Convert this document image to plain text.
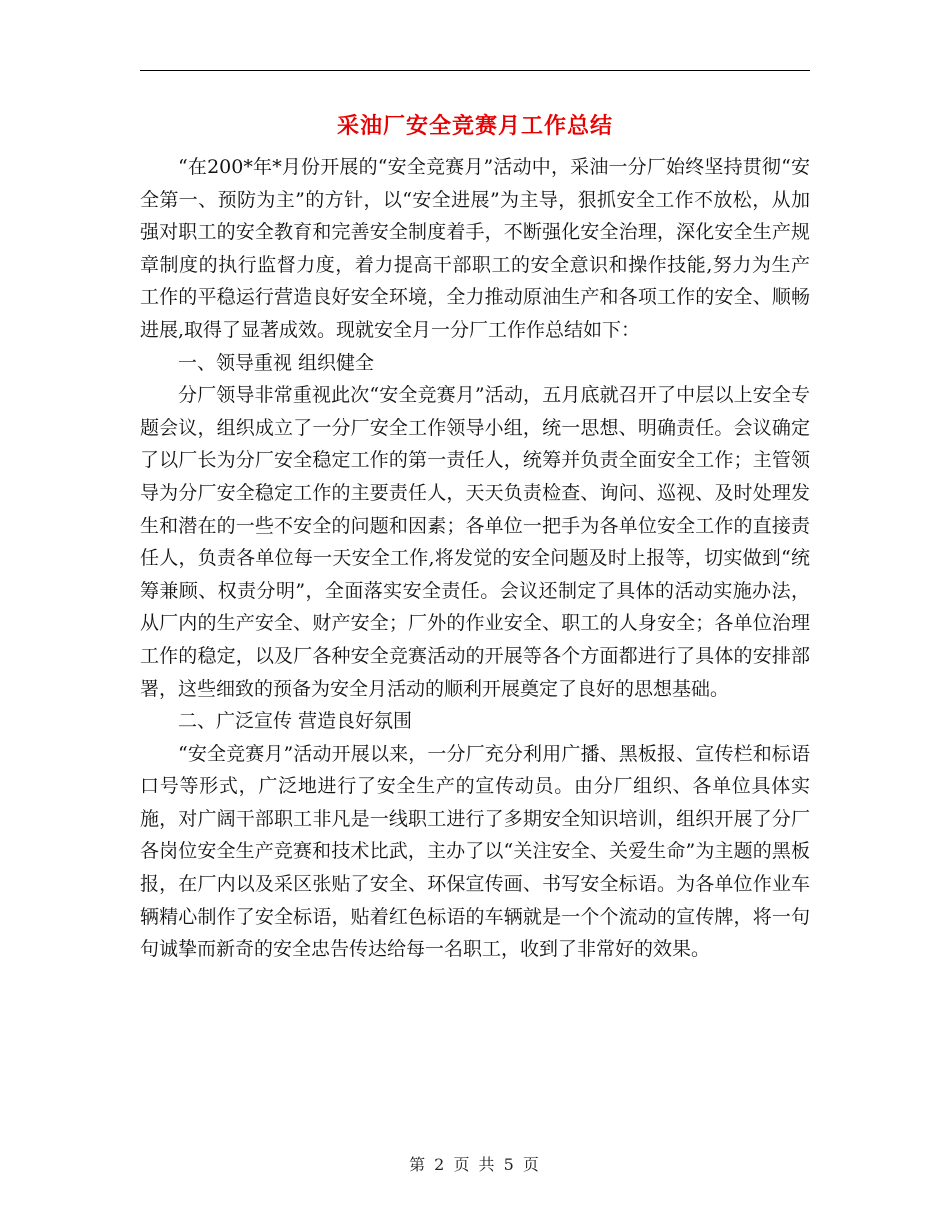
采油厂安全竞赛月工作总结

“在200*年*月份开展的“安全竞赛月”活动中，采油一分厂始终坚持贯彻“安全第一、预防为主”的方针，以“安全进展”为主导，狠抓安全工作不放松，从加强对职工的安全教育和完善安全制度着手，不断强化安全治理，深化安全生产规章制度的执行监督力度，着力提高干部职工的安全意识和操作技能,努力为生产工作的平稳运行营造良好安全环境，全力推动原油生产和各项工作的安全、顺畅进展,取得了显著成效。现就安全月一分厂工作作总结如下：

一、领导重视 组织健全

分厂领导非常重视此次“安全竞赛月”活动，五月底就召开了中层以上安全专题会议，组织成立了一分厂安全工作领导小组，统一思想、明确责任。会议确定了以厂长为分厂安全稳定工作的第一责任人，统筹并负责全面安全工作；主管领导为分厂安全稳定工作的主要责任人，天天负责检查、询问、巡视、及时处理发生和潜在的一些不安全的问题和因素；各单位一把手为各单位安全工作的直接责任人，负责各单位每一天安全工作,将发觉的安全问题及时上报等，切实做到“统筹兼顾、权责分明”，全面落实安全责任。会议还制定了具体的活动实施办法，从厂内的生产安全、财产安全；厂外的作业安全、职工的人身安全；各单位治理工作的稳定，以及厂各种安全竞赛活动的开展等各个方面都进行了具体的安排部署，这些细致的预备为安全月活动的顺利开展奠定了良好的思想基础。

二、广泛宣传 营造良好氛围

“安全竞赛月”活动开展以来，一分厂充分利用广播、黑板报、宣传栏和标语口号等形式，广泛地进行了安全生产的宣传动员。由分厂组织、各单位具体实施，对广阔干部职工非凡是一线职工进行了多期安全知识培训，组织开展了分厂各岗位安全生产竞赛和技术比武，主办了以“关注安全、关爱生命”为主题的黑板报，在厂内以及采区张贴了安全、环保宣传画、书写安全标语。为各单位作业车辆精心制作了安全标语，贴着红色标语的车辆就是一个个流动的宣传牌，将一句句诚挚而新奇的安全忠告传达给每一名职工，收到了非常好的效果。

第 2 页 共 5 页
